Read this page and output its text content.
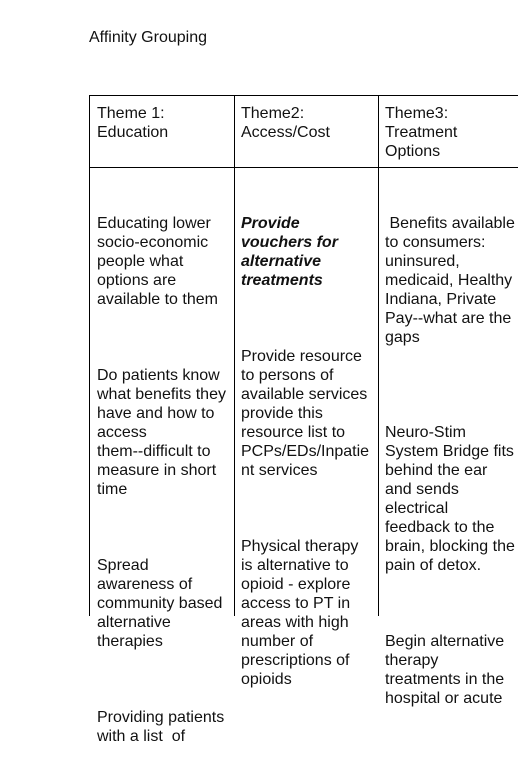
Affinity Grouping
Theme 1:
Education
Theme2:
Access/Cost
Theme3:
Treatment
Options

Educating lower
socio-economic
people what
options are
available to them

Do patients know
what benefits they
have and how to
access
them--difficult to
measure in short
time

Spread
awareness of
community based
alternative
therapies

Providing patients
with a list  of

Provide
vouchers for
alternative
treatments

Provide resource
to persons of
available services
provide this
resource list to
PCPs/EDs/Inpatie
nt services

Physical therapy
is alternative to
opioid - explore
access to PT in
areas with high
number of
prescriptions of
opioids

Benefits available
to consumers:
uninsured,
medicaid, Healthy
Indiana, Private
Pay--what are the
gaps

Neuro-Stim
System Bridge fits
behind the ear
and sends
electrical
feedback to the
brain, blocking the
pain of detox.

Begin alternative
therapy
treatments in the
hospital or acute
